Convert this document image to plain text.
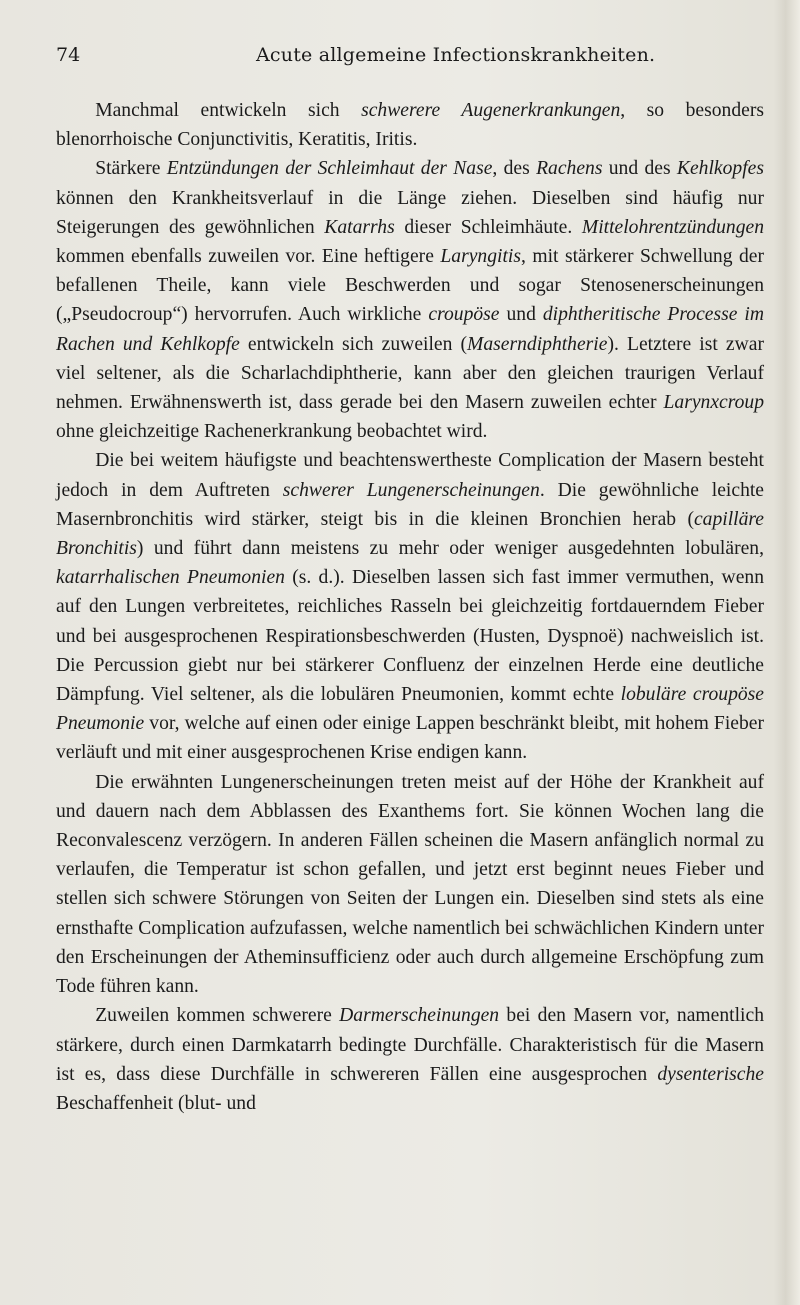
74	Acute allgemeine Infectionskrankheiten.

Manchmal entwickeln sich schwerere Augenerkrankungen, so besonders blenorrhoische Conjunctivitis, Keratitis, Iritis.

Stärkere Entzündungen der Schleimhaut der Nase, des Rachens und des Kehlkopfes können den Krankheitsverlauf in die Länge ziehen. Dieselben sind häufig nur Steigerungen des gewöhnlichen Katarrhs dieser Schleimhäute. Mittelohrentzündungen kommen ebenfalls zuweilen vor. Eine heftigere Laryngitis, mit stärkerer Schwellung der befallenen Theile, kann viele Beschwerden und sogar Stenosenerscheinungen („Pseudocroup“) hervorrufen. Auch wirkliche croupöse und diphtheritische Processe im Rachen und Kehlkopfe entwickeln sich zuweilen (Maserndiphtherie). Letztere ist zwar viel seltener, als die Scharlachdiphtherie, kann aber den gleichen traurigen Verlauf nehmen. Erwähnenswerth ist, dass gerade bei den Masern zuweilen echter Larynxcroup ohne gleichzeitige Rachenerkrankung beobachtet wird.

Die bei weitem häufigste und beachtenswertheste Complication der Masern besteht jedoch in dem Auftreten schwerer Lungenerscheinungen. Die gewöhnliche leichte Masernbronchitis wird stärker, steigt bis in die kleinen Bronchien herab (capilläre Bronchitis) und führt dann meistens zu mehr oder weniger ausgedehnten lobulären, katarrhalischen Pneumonien (s. d.). Dieselben lassen sich fast immer vermuthen, wenn auf den Lungen verbreitetes, reichliches Rasseln bei gleichzeitig fortdauerndem Fieber und bei ausgesprochenen Respirationsbeschwerden (Husten, Dyspnoë) nachweislich ist. Die Percussion giebt nur bei stärkerer Confluenz der einzelnen Herde eine deutliche Dämpfung. Viel seltener, als die lobulären Pneumonien, kommt echte lobuläre croupöse Pneumonie vor, welche auf einen oder einige Lappen beschränkt bleibt, mit hohem Fieber verläuft und mit einer ausgesprochenen Krise endigen kann.

Die erwähnten Lungenerscheinungen treten meist auf der Höhe der Krankheit auf und dauern nach dem Abblassen des Exanthems fort. Sie können Wochen lang die Reconvalescenz verzögern. In anderen Fällen scheinen die Masern anfänglich normal zu verlaufen, die Temperatur ist schon gefallen, und jetzt erst beginnt neues Fieber und stellen sich schwere Störungen von Seiten der Lungen ein. Dieselben sind stets als eine ernsthafte Complication aufzufassen, welche namentlich bei schwächlichen Kindern unter den Erscheinungen der Atheminsufficienz oder auch durch allgemeine Erschöpfung zum Tode führen kann.

Zuweilen kommen schwerere Darmerscheinungen bei den Masern vor, namentlich stärkere, durch einen Darmkatarrh bedingte Durchfälle. Charakteristisch für die Masern ist es, dass diese Durchfälle in schwereren Fällen eine ausgesprochen dysenterische Beschaffenheit (blut- und
